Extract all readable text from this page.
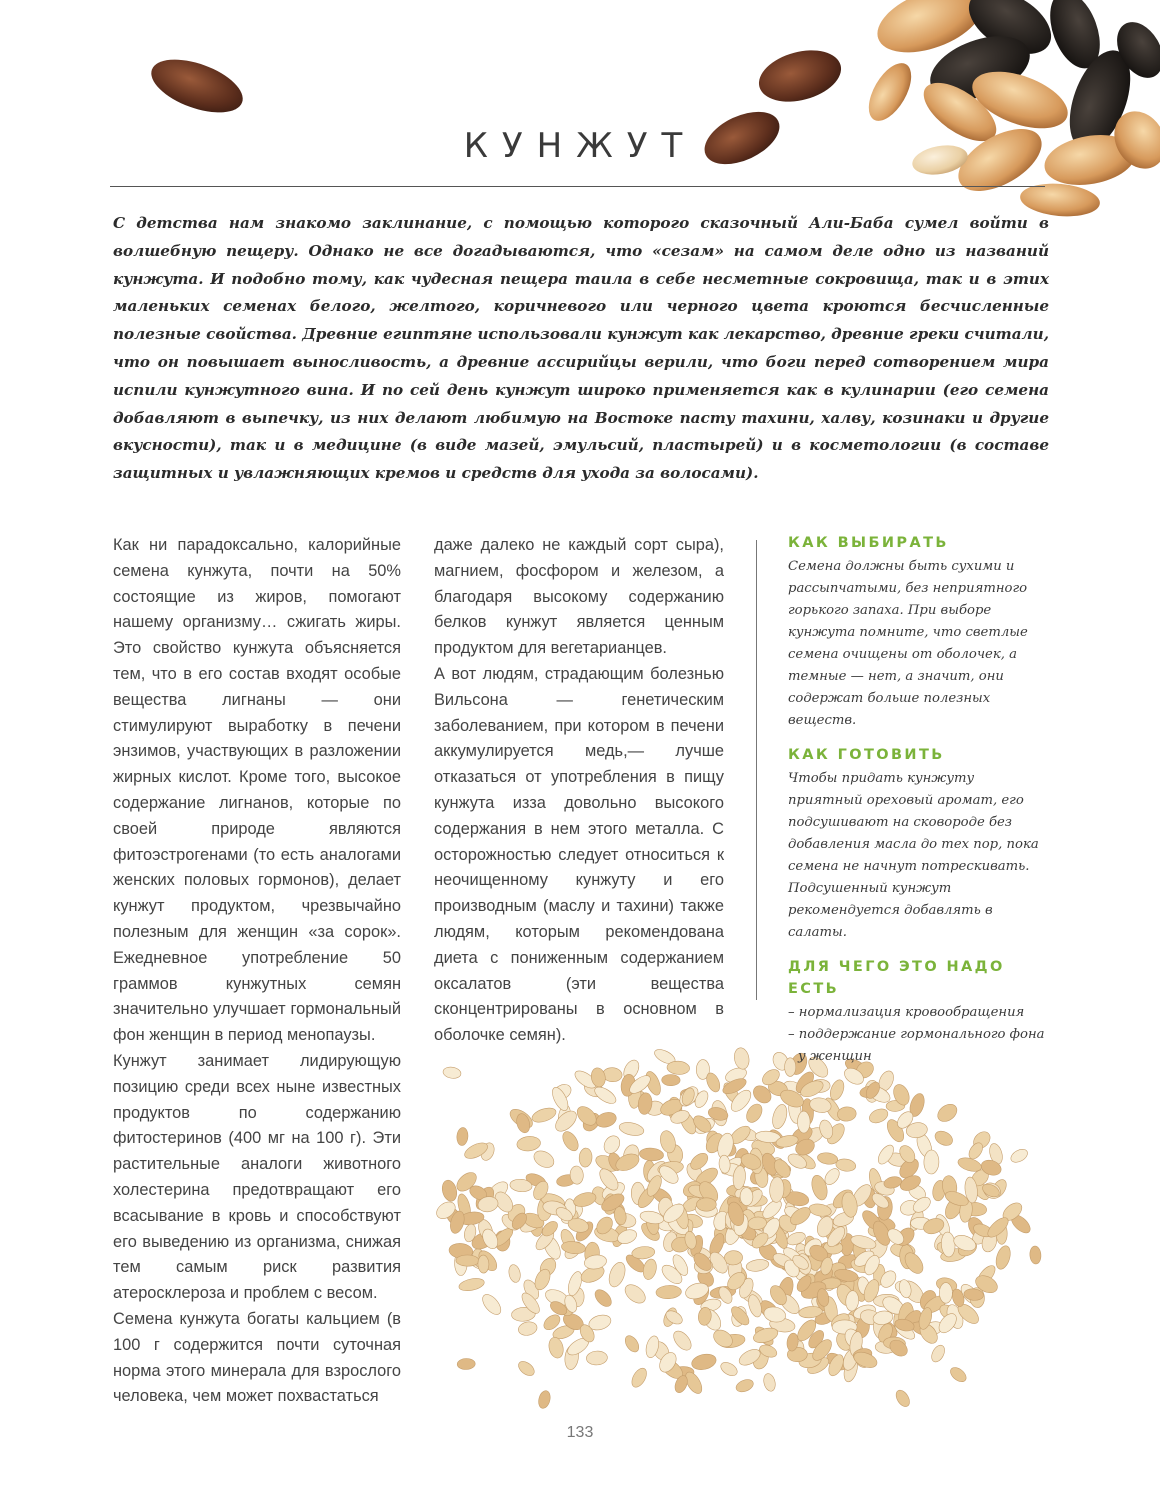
КУНЖУТ

С детства нам знакомо заклинание, с помощью которого сказочный Али-Баба сумел войти в волшебную пещеру. Однако не все догадываются, что «сезам» на самом деле одно из названий кунжута. И подобно тому, как чудесная пещера таила в себе несметные сокровища, так и в этих маленьких семенах белого, желтого, коричневого или черного цвета кроются бесчисленные полезные свойства. Древние египтяне использовали кунжут как лекарство, древние греки считали, что он повышает выносливость, а древние ассирийцы верили, что боги перед сотворением мира испили кунжутного вина. И по сей день кунжут широко применяется как в кулинарии (его семена добавляют в выпечку, из них делают любимую на Востоке пасту тахини, халву, козинаки и другие вкусности), так и в медицине (в виде мазей, эмульсий, пластырей) и в косметологии (в составе защитных и увлажняющих кремов и средств для ухода за волосами).

Как ни парадоксально, калорийные семена кунжута, почти на 50% состоящие из жиров, помогают нашему организму… сжигать жиры. Это свойство кунжута объясняется тем, что в его состав входят особые вещества лигнаны — они стимулируют выработку в печени энзимов, участвующих в разложении жирных кислот. Кроме того, высокое содержание лигнанов, которые по своей природе являются фитоэстрогенами (то есть аналогами женских половых гормонов), делает кунжут продуктом, чрезвычайно полезным для женщин «за сорок». Ежедневное употребление 50 граммов кунжутных семян значительно улучшает гормональный фон женщин в период менопаузы.

Кунжут занимает лидирующую позицию среди всех ныне известных продуктов по содержанию фитостеринов (400 мг на 100 г). Эти растительные аналоги животного холестерина предотвращают его всасывание в кровь и способствуют его выведению из организма, снижая тем самым риск развития атеросклероза и проблем с весом.

Семена кунжута богаты кальцием (в 100 г содержится почти суточная норма этого минерала для взрослого человека, чем может похвастаться

даже далеко не каждый сорт сыра), магнием, фосфором и железом, а благодаря высокому содержанию белков кунжут является ценным продуктом для вегетарианцев.

А вот людям, страдающим болезнью Вильсона — генетическим заболеванием, при котором в печени аккумулируется медь,— лучше отказаться от употребления в пищу кунжута изза довольно высокого содержания в нем этого металла. С осторожностью следует относиться к неочищенному кунжуту и его производным (маслу и тахини) также людям, которым рекомендована диета с пониженным содержанием оксалатов (эти вещества сконцентрированы в основном в оболочке семян).

КАК ВЫБИРАТЬ

Семена должны быть сухими и рассыпчатыми, без неприятного горького запаха. При выборе кунжута помните, что светлые семена очищены от оболочек, а темные — нет, а значит, они содержат больше полезных веществ.

КАК ГОТОВИТЬ

Чтобы придать кунжуту приятный ореховый аромат, его подсушивают на сковороде без добавления масла до тех пор, пока семена не начнут потрескивать. Подсушенный кунжут рекомендуется добавлять в салаты.

ДЛЯ ЧЕГО ЭТО НАДО ЕСТЬ
– нормализация кровообращения
– поддержание гормонального фона у женщин
133
